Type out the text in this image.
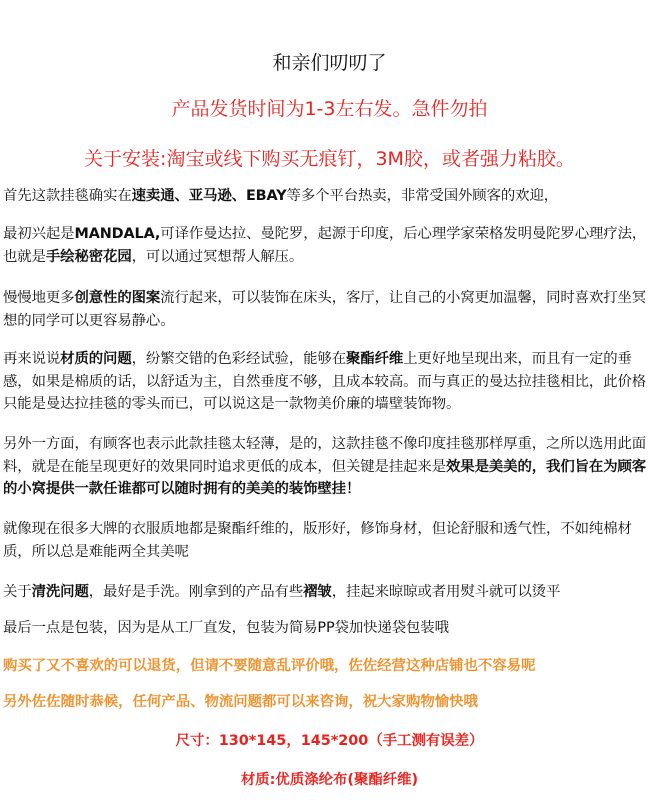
和亲们叨叨了
产品发货时间为1-3左右发。急件勿拍
关于安装:淘宝或线下购买无痕钉，3M胶，或者强力粘胶。
首先这款挂毯确实在速卖通、亚马逊、EBAY等多个平台热卖，非常受国外顾客的欢迎，
最初兴起是MANDALA,可译作曼达拉、曼陀罗，起源于印度，后心理学家荣格发明曼陀罗心理疗法，也就是手绘秘密花园，可以通过冥想帮人解压。
慢慢地更多创意性的图案流行起来，可以装饰在床头，客厅，让自己的小窝更加温馨，同时喜欢打坐冥想的同学可以更容易静心。
再来说说材质的问题，纷繁交错的色彩经试验，能够在聚酯纤维上更好地呈现出来，而且有一定的垂感，如果是棉质的话，以舒适为主，自然垂度不够，且成本较高。而与真正的曼达拉挂毯相比，此价格只能是曼达拉挂毯的零头而已，可以说这是一款物美价廉的墙壁装饰物。
另外一方面，有顾客也表示此款挂毯太轻薄，是的，这款挂毯不像印度挂毯那样厚重，之所以选用此面料，就是在能呈现更好的效果同时追求更低的成本，但关键是挂起来是效果是美美的，我们旨在为顾客的小窝提供一款任谁都可以随时拥有的美美的装饰壁挂！
就像现在很多大牌的衣服质地都是聚酯纤维的，版形好，修饰身材，但论舒服和透气性，不如纯棉材质，所以总是难能两全其美呢
关于清洗问题，最好是手洗。刚拿到的产品有些褶皱，挂起来晾晾或者用熨斗就可以烫平
最后一点是包装，因为是从工厂直发，包装为简易PP袋加快递袋包装哦
购买了又不喜欢的可以退货，但请不要随意乱评价哦，佐佐经营这种店铺也不容易呢
另外佐佐随时恭候，任何产品、物流问题都可以来咨询，祝大家购物愉快哦
尺寸：130*145，145*200（手工测有误差）
材质:优质涤纶布(聚酯纤维)
